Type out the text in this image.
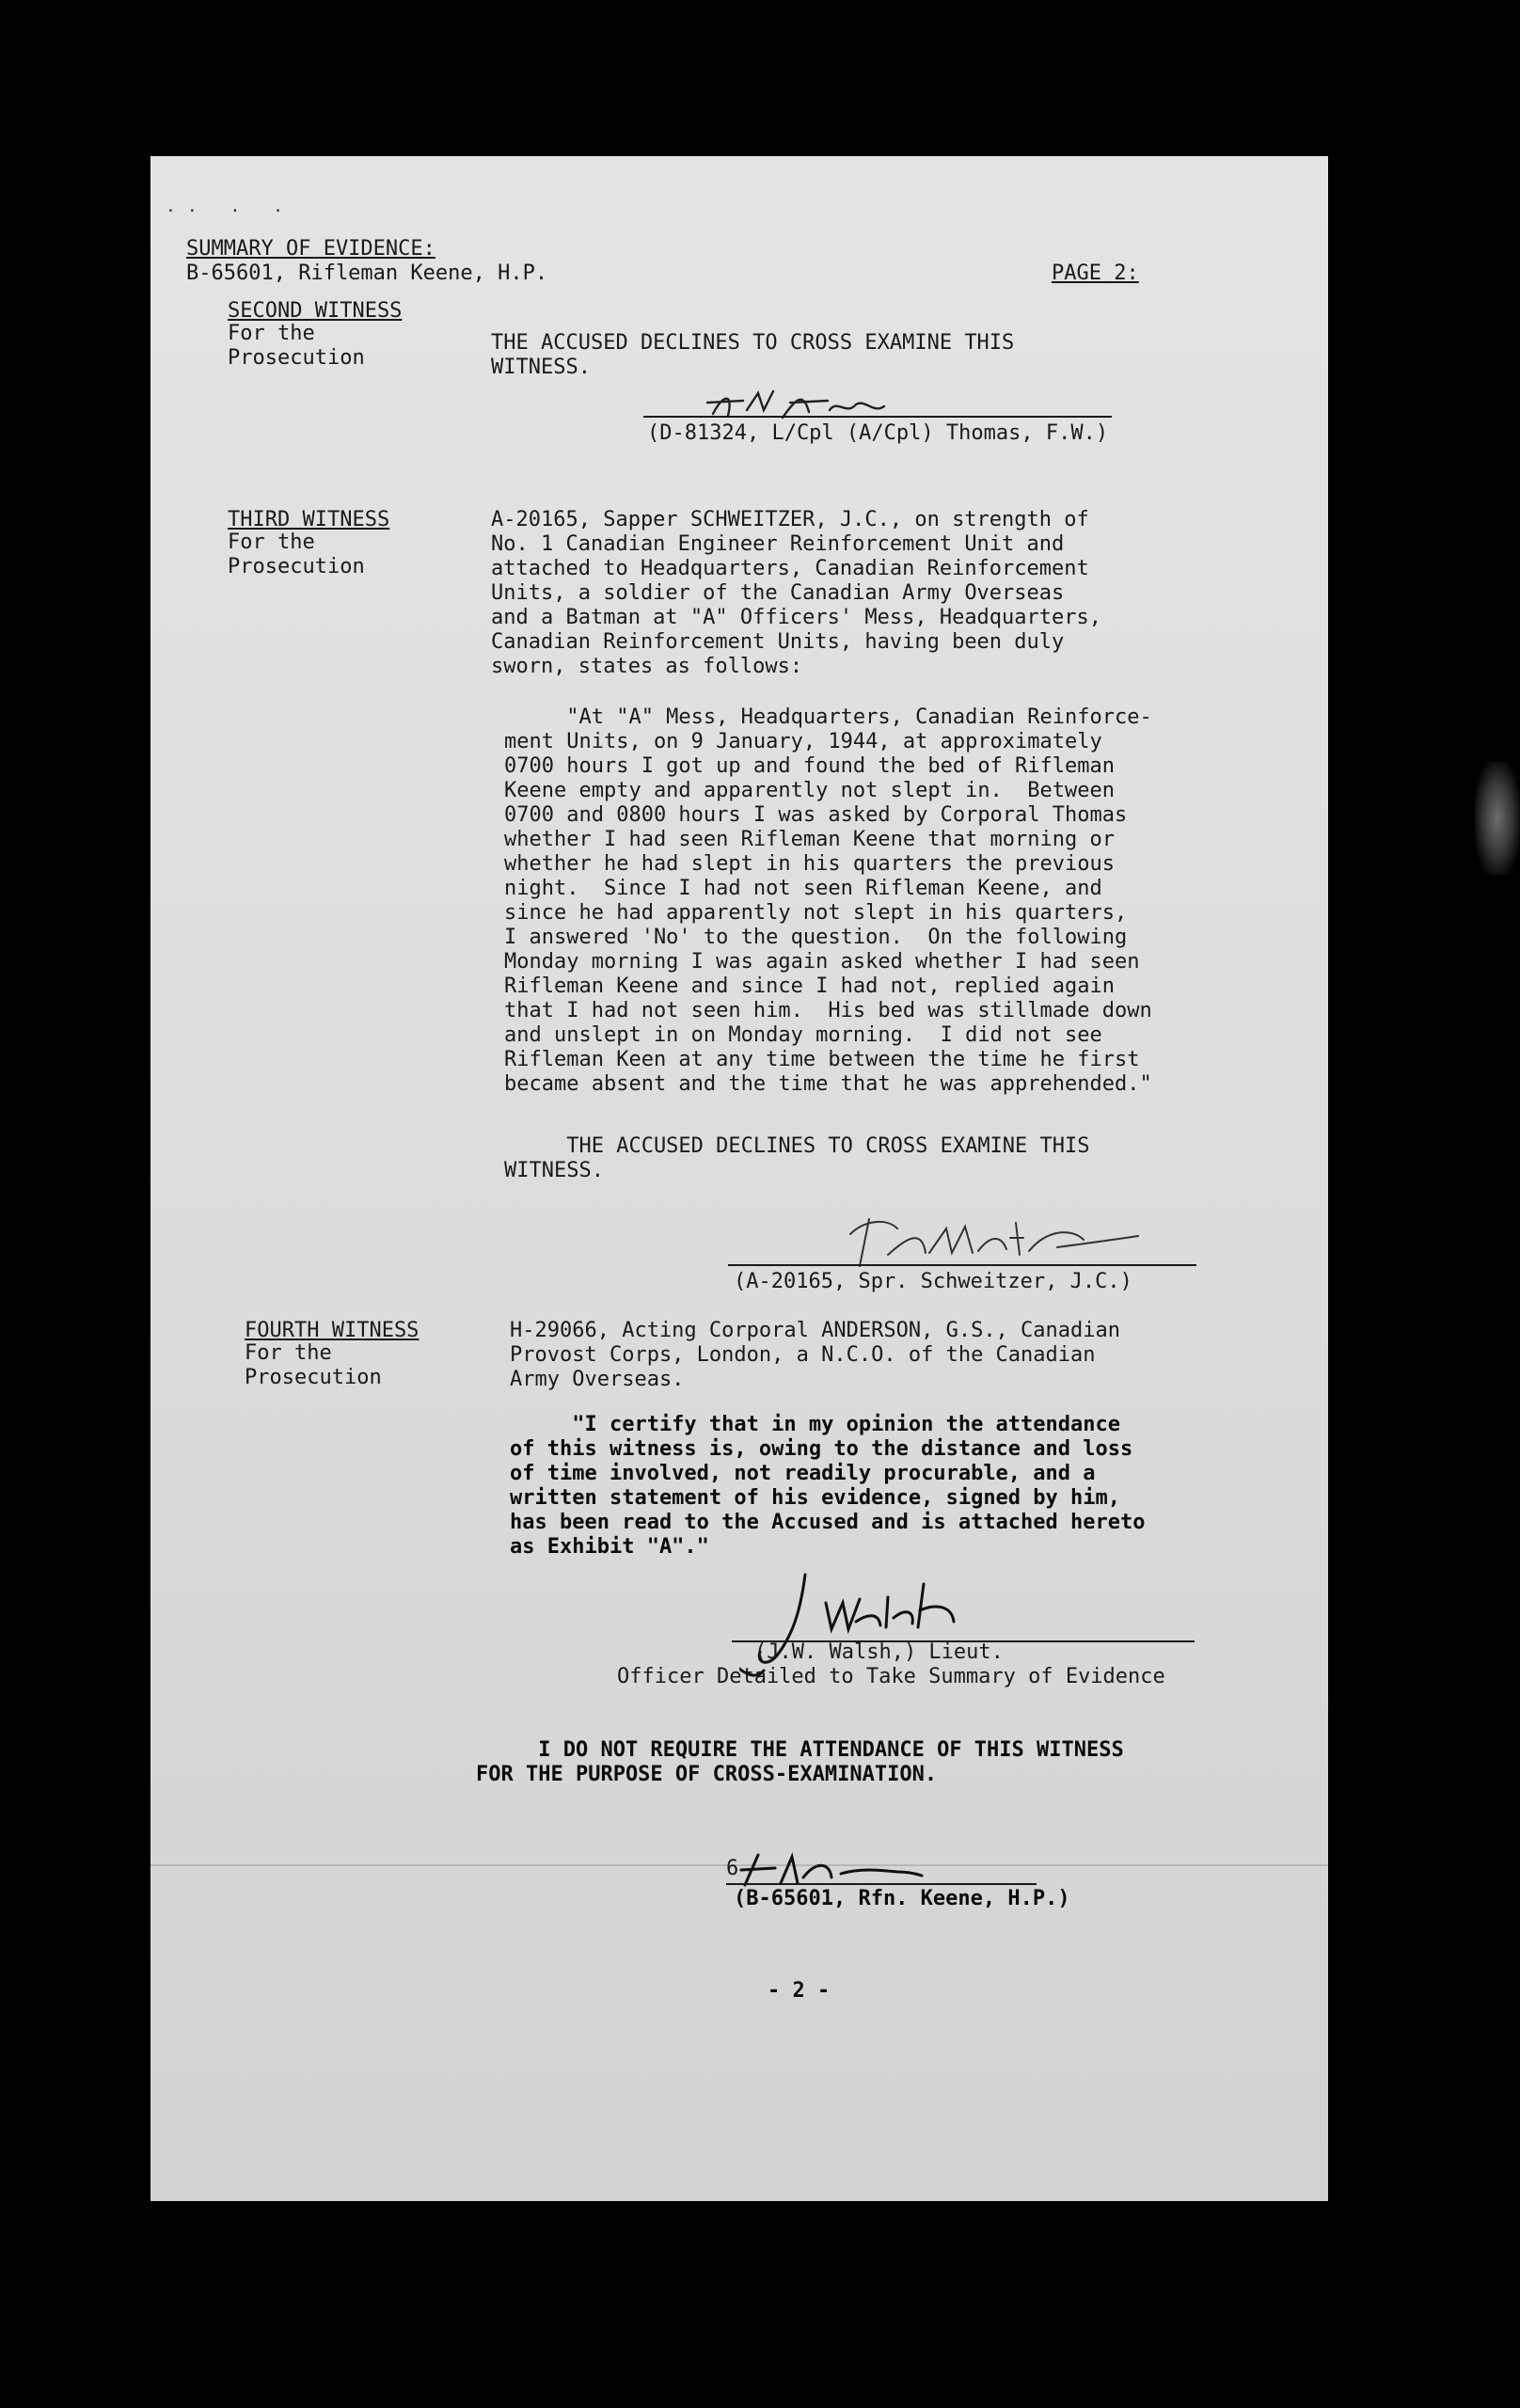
·· · ·
SUMMARY OF EVIDENCE:
B-65601, Rifleman Keene, H.P.	PAGE 2:
SECOND WITNESS
For the
Prosecution
THE ACCUSED DECLINES TO CROSS EXAMINE THIS
WITNESS.
(D-81324, L/Cpl (A/Cpl) Thomas, F.W.)
THIRD WITNESS
For the
Prosecution
A-20165, Sapper SCHWEITZER, J.C., on strength of
No. 1 Canadian Engineer Reinforcement Unit and
attached to Headquarters, Canadian Reinforcement
Units, a soldier of the Canadian Army Overseas
and a Batman at "A" Officers' Mess, Headquarters,
Canadian Reinforcement Units, having been duly
sworn, states as follows:
"At "A" Mess, Headquarters, Canadian Reinforce-
ment Units, on 9 January, 1944, at approximately
0700 hours I got up and found the bed of Rifleman
Keene empty and apparently not slept in.  Between
0700 and 0800 hours I was asked by Corporal Thomas
whether I had seen Rifleman Keene that morning or
whether he had slept in his quarters the previous
night.  Since I had not seen Rifleman Keene, and
since he had apparently not slept in his quarters,
I answered 'No' to the question.  On the following
Monday morning I was again asked whether I had seen
Rifleman Keene and since I had not, replied again
that I had not seen him.  His bed was stillmade down
and unslept in on Monday morning.  I did not see
Rifleman Keen at any time between the time he first
became absent and the time that he was apprehended."
THE ACCUSED DECLINES TO CROSS EXAMINE THIS
WITNESS.
(A-20165, Spr. Schweitzer, J.C.)
FOURTH WITNESS
For the
Prosecution
H-29066, Acting Corporal ANDERSON, G.S., Canadian
Provost Corps, London, a N.C.O. of the Canadian
Army Overseas.
"I certify that in my opinion the attendance
of this witness is, owing to the distance and loss
of time involved, not readily procurable, and a
written statement of his evidence, signed by him,
has been read to the Accused and is attached hereto
as Exhibit "A"."
(J.W. Walsh,) Lieut.
Officer Detailed to Take Summary of Evidence
I DO NOT REQUIRE THE ATTENDANCE OF THIS WITNESS
FOR THE PURPOSE OF CROSS-EXAMINATION.
6
(B-65601, Rfn. Keene, H.P.)
- 2 -
